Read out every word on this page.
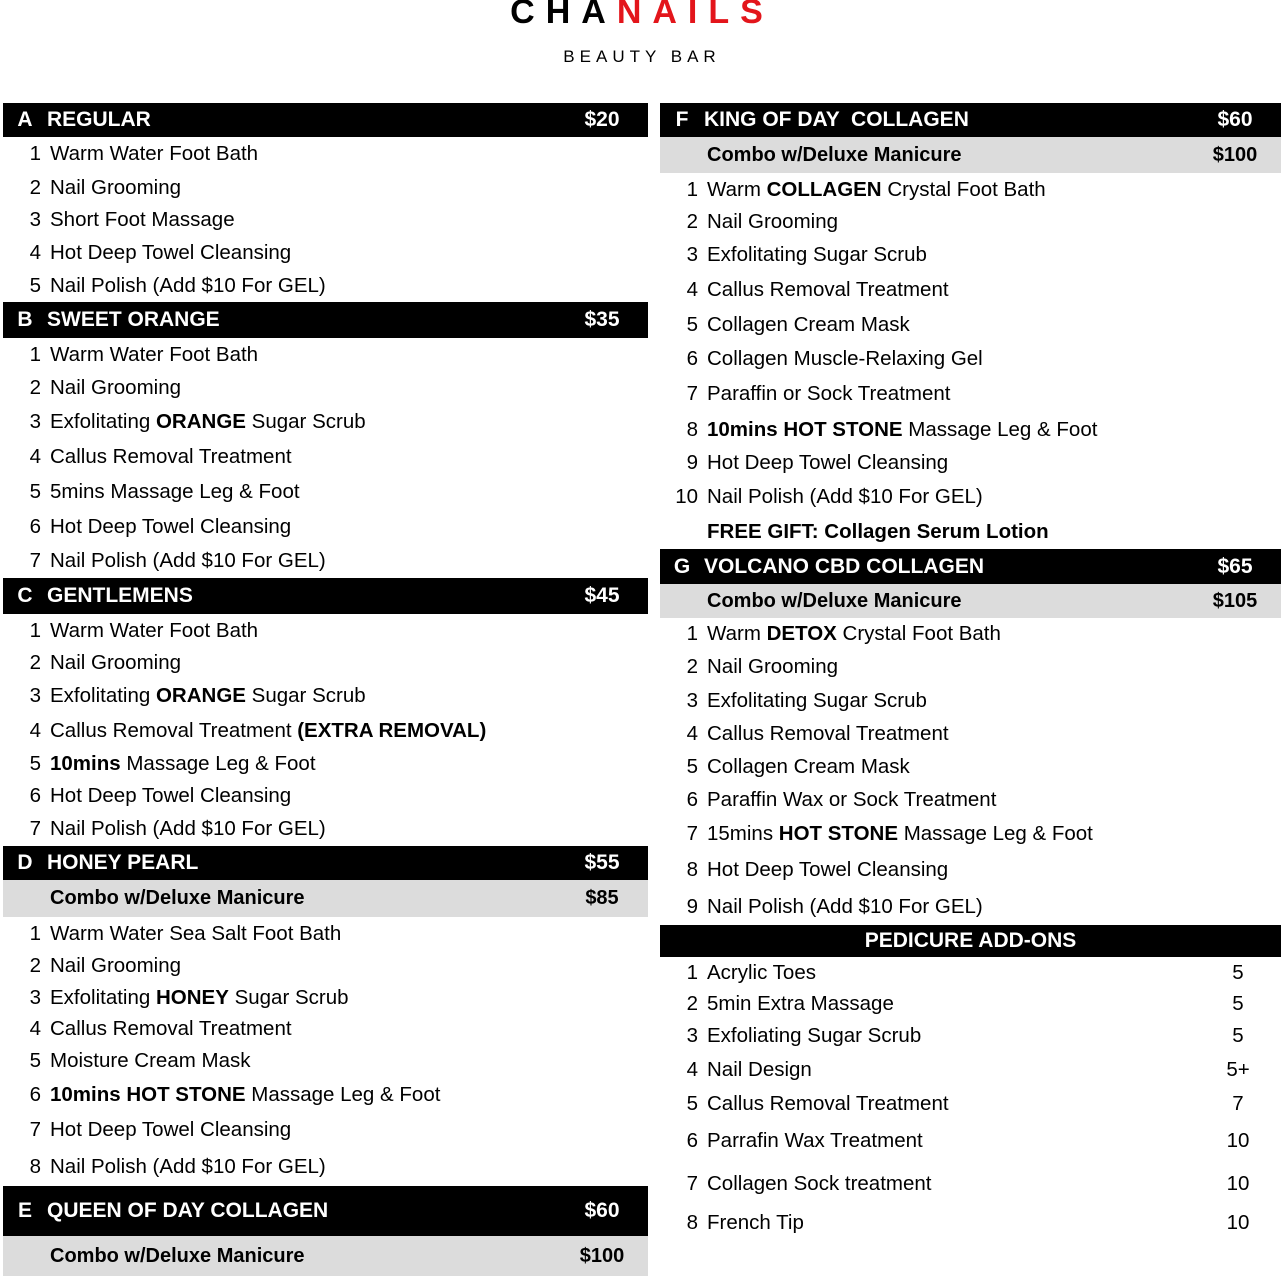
CHANAILS
BEAUTY BAR
A REGULAR	$20
1 Warm Water Foot Bath
2 Nail Grooming
3 Short Foot Massage
4 Hot Deep Towel Cleansing
5 Nail Polish (Add $10 For GEL)
B SWEET ORANGE	$35
1 Warm Water Foot Bath
2 Nail Grooming
3 Exfolitating ORANGE Sugar Scrub
4 Callus Removal Treatment
5 5mins Massage Leg & Foot
6 Hot Deep Towel Cleansing
7 Nail Polish (Add $10 For GEL)
C GENTLEMENS	$45
1 Warm Water Foot Bath
2 Nail Grooming
3 Exfolitating ORANGE Sugar Scrub
4 Callus Removal Treatment (EXTRA REMOVAL)
5 10mins Massage Leg & Foot
6 Hot Deep Towel Cleansing
7 Nail Polish (Add $10 For GEL)
D HONEY PEARL	$55
Combo w/Deluxe Manicure	$85
1 Warm Water Sea Salt Foot Bath
2 Nail Grooming
3 Exfolitating HONEY Sugar Scrub
4 Callus Removal Treatment
5 Moisture Cream Mask
6 10mins HOT STONE Massage Leg & Foot
7 Hot Deep Towel Cleansing
8 Nail Polish (Add $10 For GEL)
E QUEEN OF DAY COLLAGEN	$60
Combo w/Deluxe Manicure	$100
F KING OF DAY  COLLAGEN	$60
Combo w/Deluxe Manicure	$100
1 Warm COLLAGEN Crystal Foot Bath
2 Nail Grooming
3 Exfolitating Sugar Scrub
4 Callus Removal Treatment
5 Collagen Cream Mask
6 Collagen Muscle-Relaxing Gel
7 Paraffin or Sock Treatment
8 10mins HOT STONE Massage Leg & Foot
9 Hot Deep Towel Cleansing
10 Nail Polish (Add $10 For GEL)
FREE GIFT: Collagen Serum Lotion
G VOLCANO CBD COLLAGEN	$65
Combo w/Deluxe Manicure	$105
1 Warm DETOX Crystal Foot Bath
2 Nail Grooming
3 Exfolitating Sugar Scrub
4 Callus Removal Treatment
5 Collagen Cream Mask
6 Paraffin Wax or Sock Treatment
7 15mins HOT STONE Massage Leg & Foot
8 Hot Deep Towel Cleansing
9 Nail Polish (Add $10 For GEL)
PEDICURE ADD-ONS
1 Acrylic Toes	5
2 5min Extra Massage	5
3 Exfoliating Sugar Scrub	5
4 Nail Design	5+
5 Callus Removal Treatment	7
6 Parrafin Wax Treatment	10
7 Collagen Sock treatment	10
8 French Tip	10
